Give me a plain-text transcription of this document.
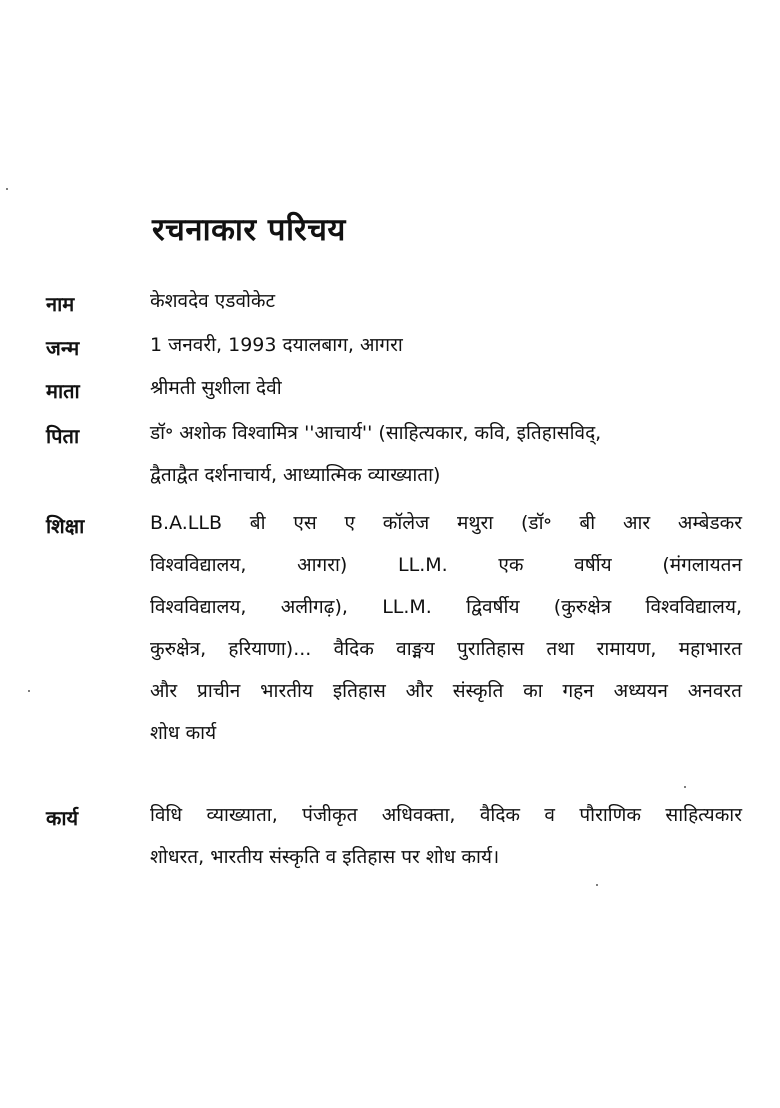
रचनाकार परिचय
नाम	केशवदेव एडवोकेट
जन्म	1 जनवरी, 1993 दयालबाग, आगरा
माता	श्रीमती सुशीला देवी
पिता	डॉ॰ अशोक विश्वामित्र ''आचार्य'' (साहित्यकार, कवि, इतिहासविद्,
द्वैताद्वैत दर्शनाचार्य, आध्यात्मिक व्याख्याता)
शिक्षा	B.A.LLB बी एस ए कॉलेज मथुरा (डॉ॰ बी आर अम्बेडकर
विश्वविद्यालय, आगरा) LL.M. एक वर्षीय (मंगलायतन
विश्वविद्यालय, अलीगढ़), LL.M. द्विवर्षीय (कुरुक्षेत्र विश्वविद्यालय,
कुरुक्षेत्र, हरियाणा)... वैदिक वाङ्मय पुरातिहास तथा रामायण, महाभारत
और प्राचीन भारतीय इतिहास और संस्कृति का गहन अध्ययन अनवरत
शोध कार्य
कार्य	विधि व्याख्याता, पंजीकृत अधिवक्ता, वैदिक व पौराणिक साहित्यकार
शोधरत, भारतीय संस्कृति व इतिहास पर शोध कार्य।
